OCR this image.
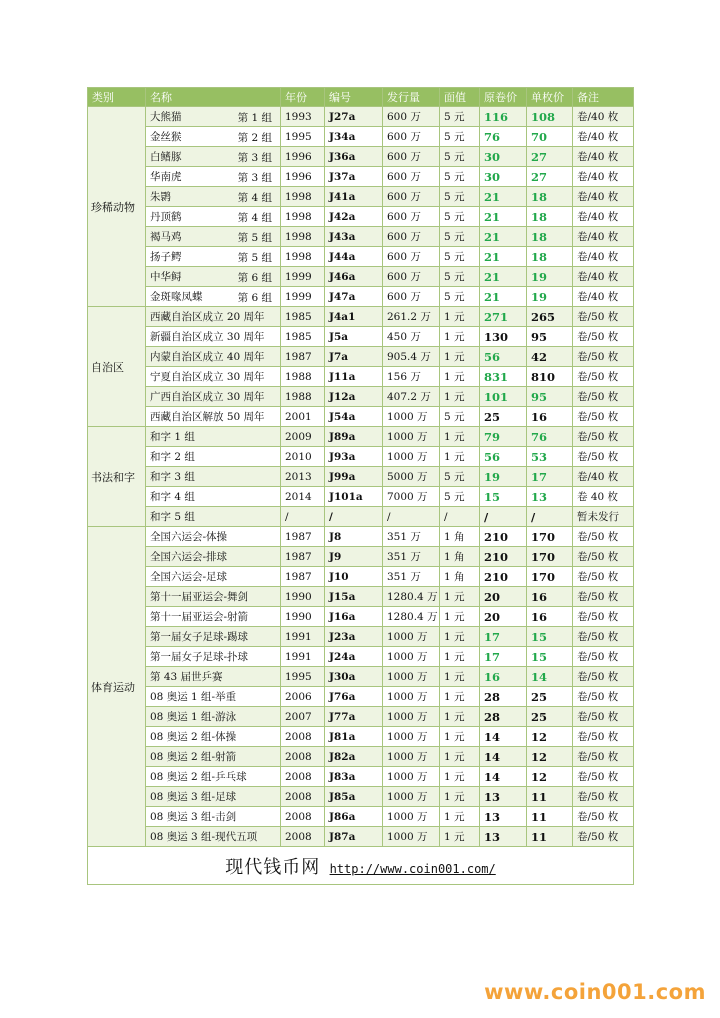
类别	名称	年份	编号	发行量	面值	原卷价	单枚价	备注
珍稀动物	大熊猫 第 1 组	1993	J27a	600 万	5 元	116	108	卷/40 枚
	金丝猴 第 2 组	1995	J34a	600 万	5 元	76	70	卷/40 枚
	白鳍豚 第 3 组	1996	J36a	600 万	5 元	30	27	卷/40 枚
	华南虎 第 3 组	1996	J37a	600 万	5 元	30	27	卷/40 枚
	朱鹮 第 4 组	1998	J41a	600 万	5 元	21	18	卷/40 枚
	丹顶鹤 第 4 组	1998	J42a	600 万	5 元	21	18	卷/40 枚
	褐马鸡 第 5 组	1998	J43a	600 万	5 元	21	18	卷/40 枚
	扬子鳄 第 5 组	1998	J44a	600 万	5 元	21	18	卷/40 枚
	中华鲟 第 6 组	1999	J46a	600 万	5 元	21	19	卷/40 枚
	金斑喙凤蝶 第 6 组	1999	J47a	600 万	5 元	21	19	卷/40 枚
自治区	西藏自治区成立 20 周年	1985	J4a1	261.2 万	1 元	271	265	卷/50 枚
	新疆自治区成立 30 周年	1985	J5a	450 万	1 元	130	95	卷/50 枚
	内蒙自治区成立 40 周年	1987	J7a	905.4 万	1 元	56	42	卷/50 枚
	宁夏自治区成立 30 周年	1988	J11a	156 万	1 元	831	810	卷/50 枚
	广西自治区成立 30 周年	1988	J12a	407.2 万	1 元	101	95	卷/50 枚
	西藏自治区解放 50 周年	2001	J54a	1000 万	5 元	25	16	卷/50 枚
书法和字	和字 1 组	2009	J89a	1000 万	1 元	79	76	卷/50 枚
	和字 2 组	2010	J93a	1000 万	1 元	56	53	卷/50 枚
	和字 3 组	2013	J99a	5000 万	5 元	19	17	卷/40 枚
	和字 4 组	2014	J101a	7000 万	5 元	15	13	卷 40 枚
	和字 5 组	/	/	/	/	/	/	暂未发行
体育运动	全国六运会-体操	1987	J8	351 万	1 角	210	170	卷/50 枚
	全国六运会-排球	1987	J9	351 万	1 角	210	170	卷/50 枚
	全国六运会-足球	1987	J10	351 万	1 角	210	170	卷/50 枚
	第十一届亚运会-舞剑	1990	J15a	1280.4 万	1 元	20	16	卷/50 枚
	第十一届亚运会-射箭	1990	J16a	1280.4 万	1 元	20	16	卷/50 枚
	第一届女子足球-踢球	1991	J23a	1000 万	1 元	17	15	卷/50 枚
	第一届女子足球-扑球	1991	J24a	1000 万	1 元	17	15	卷/50 枚
	第 43 届世乒赛	1995	J30a	1000 万	1 元	16	14	卷/50 枚
	08 奥运 1 组-举重	2006	J76a	1000 万	1 元	28	25	卷/50 枚
	08 奥运 1 组-游泳	2007	J77a	1000 万	1 元	28	25	卷/50 枚
	08 奥运 2 组-体操	2008	J81a	1000 万	1 元	14	12	卷/50 枚
	08 奥运 2 组-射箭	2008	J82a	1000 万	1 元	14	12	卷/50 枚
	08 奥运 2 组-乒乓球	2008	J83a	1000 万	1 元	14	12	卷/50 枚
	08 奥运 3 组-足球	2008	J85a	1000 万	1 元	13	11	卷/50 枚
	08 奥运 3 组-击剑	2008	J86a	1000 万	1 元	13	11	卷/50 枚
	08 奥运 3 组-现代五项	2008	J87a	1000 万	1 元	13	11	卷/50 枚
现代钱币网 http://www.coin001.com/								
www.coin001.com
